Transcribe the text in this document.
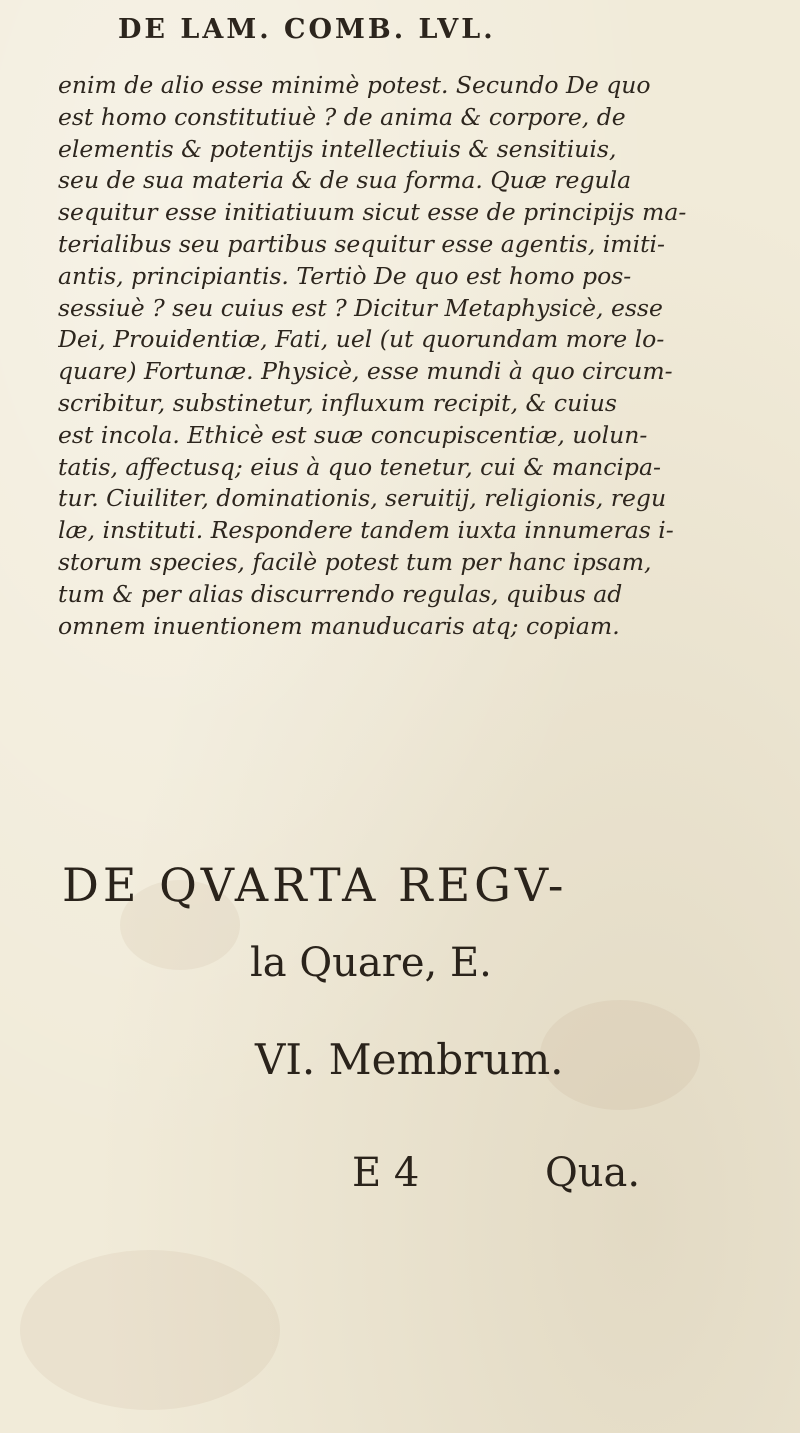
DE LAM. COMB. LVL.
enim de alio esse minimè potest. Secundo De quo
est homo constitutiuè ? de anima & corpore, de
elementis & potentijs intellectiuis & sensitiuis,
seu de sua materia & de sua forma. Quæ regula
sequitur esse initiatiuum sicut esse de principijs ma-
terialibus seu partibus sequitur esse agentis, imiti-
antis, principiantis. Tertiò De quo est homo pos-
sessiuè ? seu cuius est ? Dicitur Metaphysicè, esse
Dei, Prouidentiæ, Fati, uel (ut quorundam more lo-
quare) Fortunæ. Physicè, esse mundi à quo circum-
scribitur, substinetur, influxum recipit, & cuius
est incola. Ethicè est suæ concupiscentiæ, uolun-
tatis, affectusq; eius à quo tenetur, cui & mancipa-
tur. Ciuiliter, dominationis, seruitij, religionis, regu
læ, instituti. Respondere tandem iuxta innumeras i-
storum species, facilè potest tum per hanc ipsam,
tum & per alias discurrendo regulas, quibus ad
omnem inuentionem manuducaris atq; copiam.
DE QVARTA REGV-
la Quare, E.
VI. Membrum.
E 4	Qua.
